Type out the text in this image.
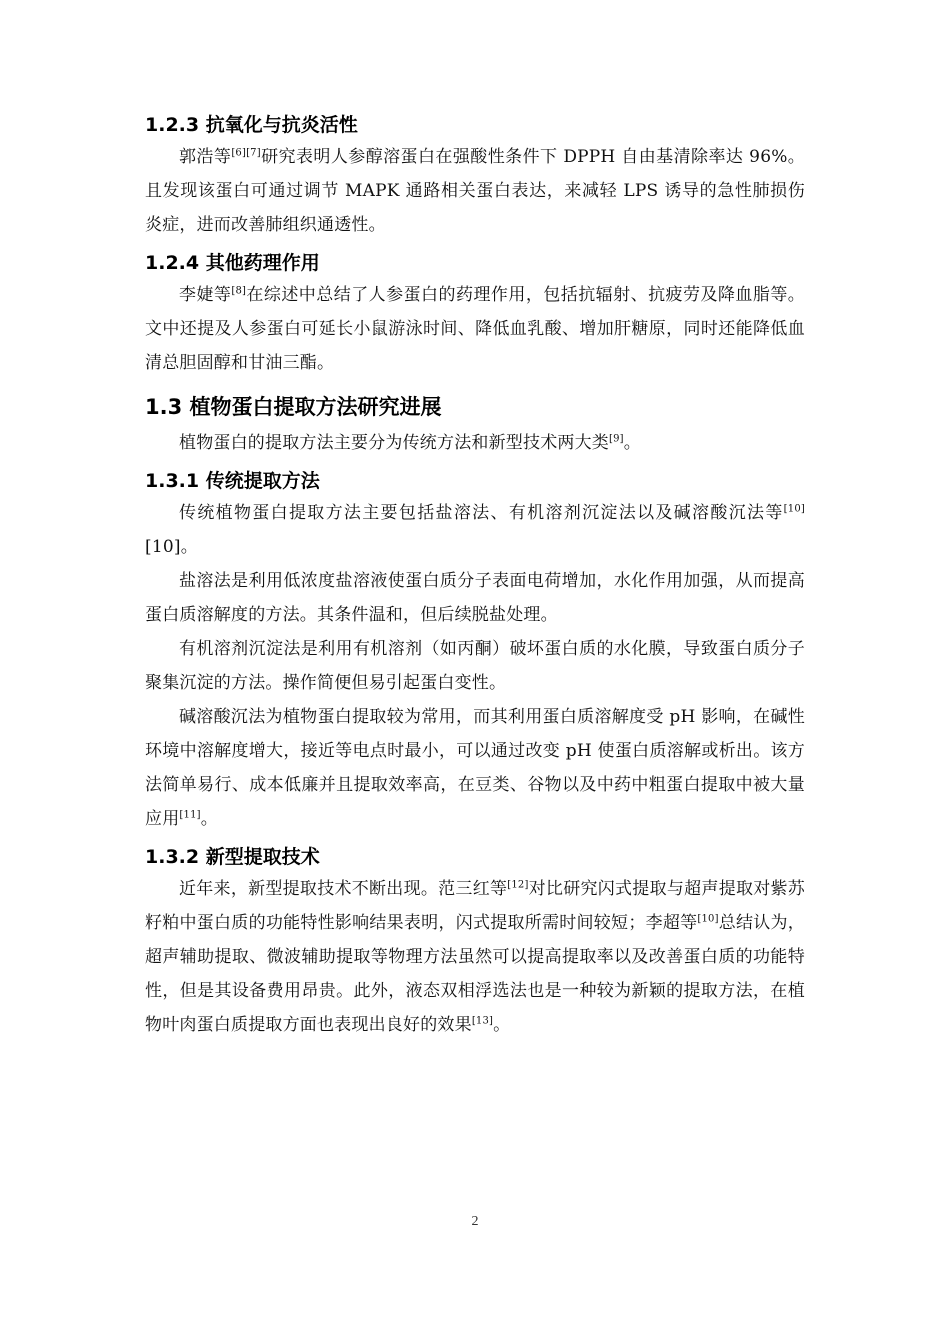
1.2.3 抗氧化与抗炎活性

郭浩等[6][7]研究表明人参醇溶蛋白在强酸性条件下 DPPH 自由基清除率达 96%。且发现该蛋白可通过调节 MAPK 通路相关蛋白表达，来减轻 LPS 诱导的急性肺损伤炎症，进而改善肺组织通透性。

1.2.4 其他药理作用

李婕等[8]在综述中总结了人参蛋白的药理作用，包括抗辐射、抗疲劳及降血脂等。文中还提及人参蛋白可延长小鼠游泳时间、降低血乳酸、增加肝糖原，同时还能降低血清总胆固醇和甘油三酯。

1.3 植物蛋白提取方法研究进展

植物蛋白的提取方法主要分为传统方法和新型技术两大类[9]。

1.3.1 传统提取方法

传统植物蛋白提取方法主要包括盐溶法、有机溶剂沉淀法以及碱溶酸沉法等[10][10]。

盐溶法是利用低浓度盐溶液使蛋白质分子表面电荷增加，水化作用加强，从而提高蛋白质溶解度的方法。其条件温和，但后续脱盐处理。

有机溶剂沉淀法是利用有机溶剂（如丙酮）破坏蛋白质的水化膜，导致蛋白质分子聚集沉淀的方法。操作简便但易引起蛋白变性。

碱溶酸沉法为植物蛋白提取较为常用，而其利用蛋白质溶解度受 pH 影响，在碱性环境中溶解度增大，接近等电点时最小，可以通过改变 pH 使蛋白质溶解或析出。该方法简单易行、成本低廉并且提取效率高，在豆类、谷物以及中药中粗蛋白提取中被大量应用[11]。

1.3.2 新型提取技术

近年来，新型提取技术不断出现。范三红等[12]对比研究闪式提取与超声提取对紫苏籽粕中蛋白质的功能特性影响结果表明，闪式提取所需时间较短；李超等[10]总结认为，超声辅助提取、微波辅助提取等物理方法虽然可以提高提取率以及改善蛋白质的功能特性，但是其设备费用昂贵。此外，液态双相浮选法也是一种较为新颖的提取方法，在植物叶肉蛋白质提取方面也表现出良好的效果[13]。

2
